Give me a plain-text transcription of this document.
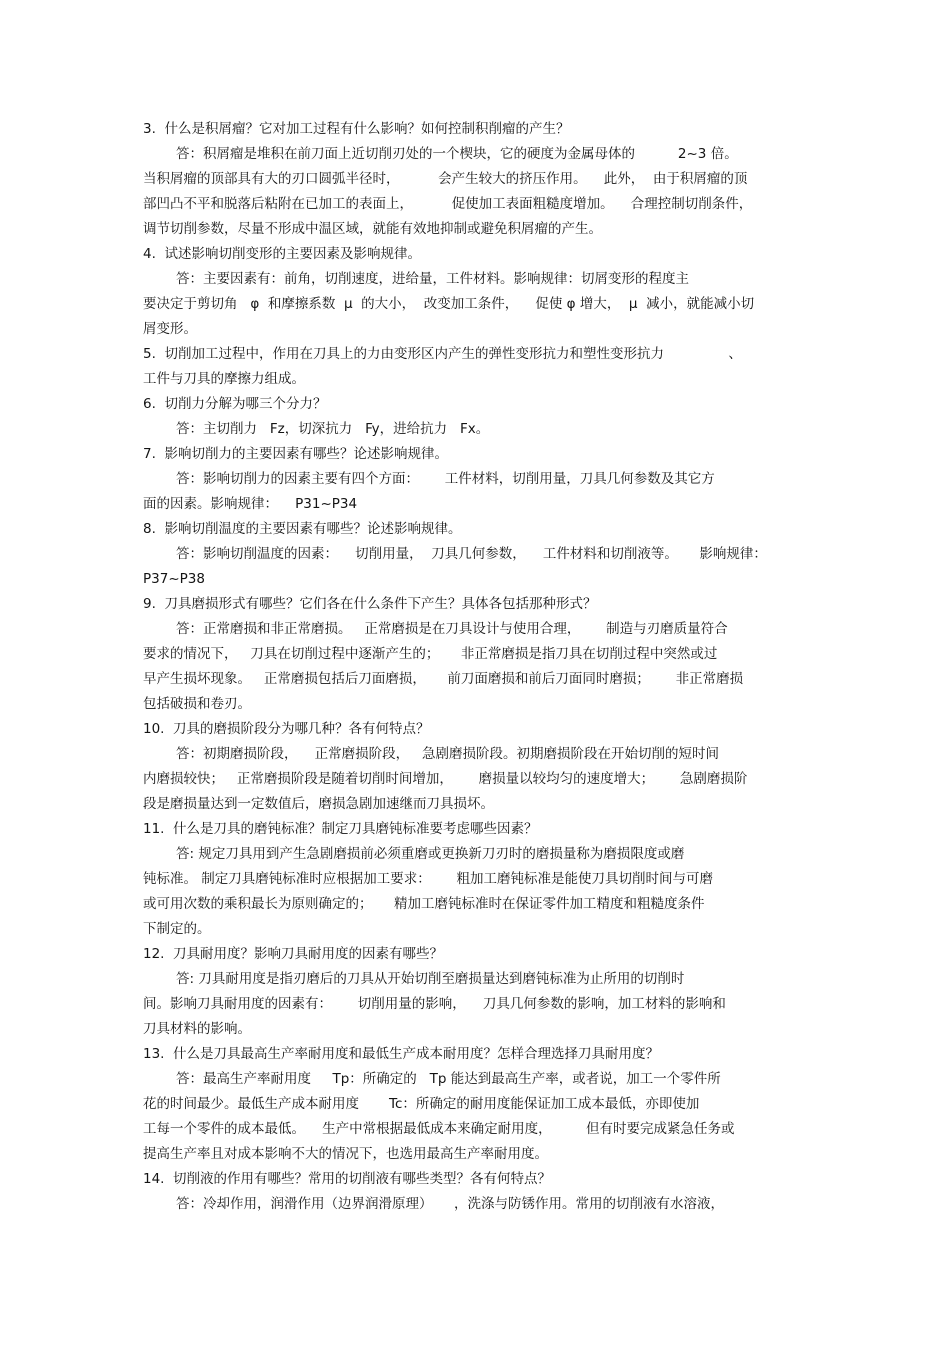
3.  什么是积屑瘤？它对加工过程有什么影响？如何控制积削瘤的产生？
答：积屑瘤是堆积在前刀面上近切削刃处的一个楔块，它的硬度为金属母体的          2~3 倍。
当积屑瘤的顶部具有大的刃口圆弧半径时，         会产生较大的挤压作用。    此外，  由于积屑瘤的顶
部凹凸不平和脱落后粘附在已加工的表面上，         促使加工表面粗糙度增加。    合理控制切削条件，
调节切削参数，尽量不形成中温区域，就能有效地抑制或避免积屑瘤的产生。
4.  试述影响切削变形的主要因素及影响规律。
答：主要因素有：前角，切削速度，进给量，工件材料。影响规律：切屑变形的程度主
要决定于剪切角   φ  和摩擦系数  μ  的大小，  改变加工条件，    促使 φ 增大，  μ  减小，就能减小切
屑变形。
5.  切削加工过程中，作用在刀具上的力由变形区内产生的弹性变形抗力和塑性变形抗力               、
工件与刀具的摩擦力组成。
6.  切削力分解为哪三个分力？
答：主切削力   Fz，切深抗力   Fy，进给抗力   Fx。
7.  影响切削力的主要因素有哪些？论述影响规律。
答：影响切削力的因素主要有四个方面：      工件材料，切削用量，刀具几何参数及其它方
面的因素。影响规律：    P31~P34
8.  影响切削温度的主要因素有哪些？论述影响规律。
答：影响切削温度的因素：    切削用量，  刀具几何参数，    工件材料和切削液等。     影响规律：
P37~P38
9.  刀具磨损形式有哪些？它们各在什么条件下产生？具体各包括那种形式？
答：正常磨损和非正常磨损。   正常磨损是在刀具设计与使用合理，      制造与刃磨质量符合
要求的情况下，   刀具在切削过程中逐渐产生的；     非正常磨损是指刀具在切削过程中突然或过
早产生损坏现象。   正常磨损包括后刀面磨损，     前刀面磨损和前后刀面同时磨损；      非正常磨损
包括破损和卷刃。
10.  刀具的磨损阶段分为哪几种？各有何特点？
答：初期磨损阶段，    正常磨损阶段，   急剧磨损阶段。初期磨损阶段在开始切削的短时间
内磨损较快；   正常磨损阶段是随着切削时间增加，      磨损量以较均匀的速度增大；      急剧磨损阶
段是磨损量达到一定数值后，磨损急剧加速继而刀具损坏。
11.  什么是刀具的磨钝标准？制定刀具磨钝标准要考虑哪些因素？
答: 规定刀具用到产生急剧磨损前必须重磨或更换新刀刃时的磨损量称为磨损限度或磨
钝标准。 制定刀具磨钝标准时应根据加工要求：      粗加工磨钝标准是能使刀具切削时间与可磨
或可用次数的乘积最长为原则确定的；     精加工磨钝标准时在保证零件加工精度和粗糙度条件
下制定的。
12.  刀具耐用度？影响刀具耐用度的因素有哪些？
答: 刀具耐用度是指刃磨后的刀具从开始切削至磨损量达到磨钝标准为止所用的切削时
间。影响刀具耐用度的因素有：      切削用量的影响，    刀具几何参数的影响，加工材料的影响和
刀具材料的影响。
13.  什么是刀具最高生产率耐用度和最低生产成本耐用度？怎样合理选择刀具耐用度？
答：最高生产率耐用度     Tp：所确定的   Tp 能达到最高生产率，或者说，加工一个零件所
花的时间最少。最低生产成本耐用度       Tc：所确定的耐用度能保证加工成本最低，亦即使加
工每一个零件的成本最低。    生产中常根据最低成本来确定耐用度，        但有时要完成紧急任务或
提高生产率且对成本影响不大的情况下，也选用最高生产率耐用度。
14.  切削液的作用有哪些？常用的切削液有哪些类型？各有何特点？
答：冷却作用，润滑作用（边界润滑原理）     ，洗涤与防锈作用。常用的切削液有水溶液，
